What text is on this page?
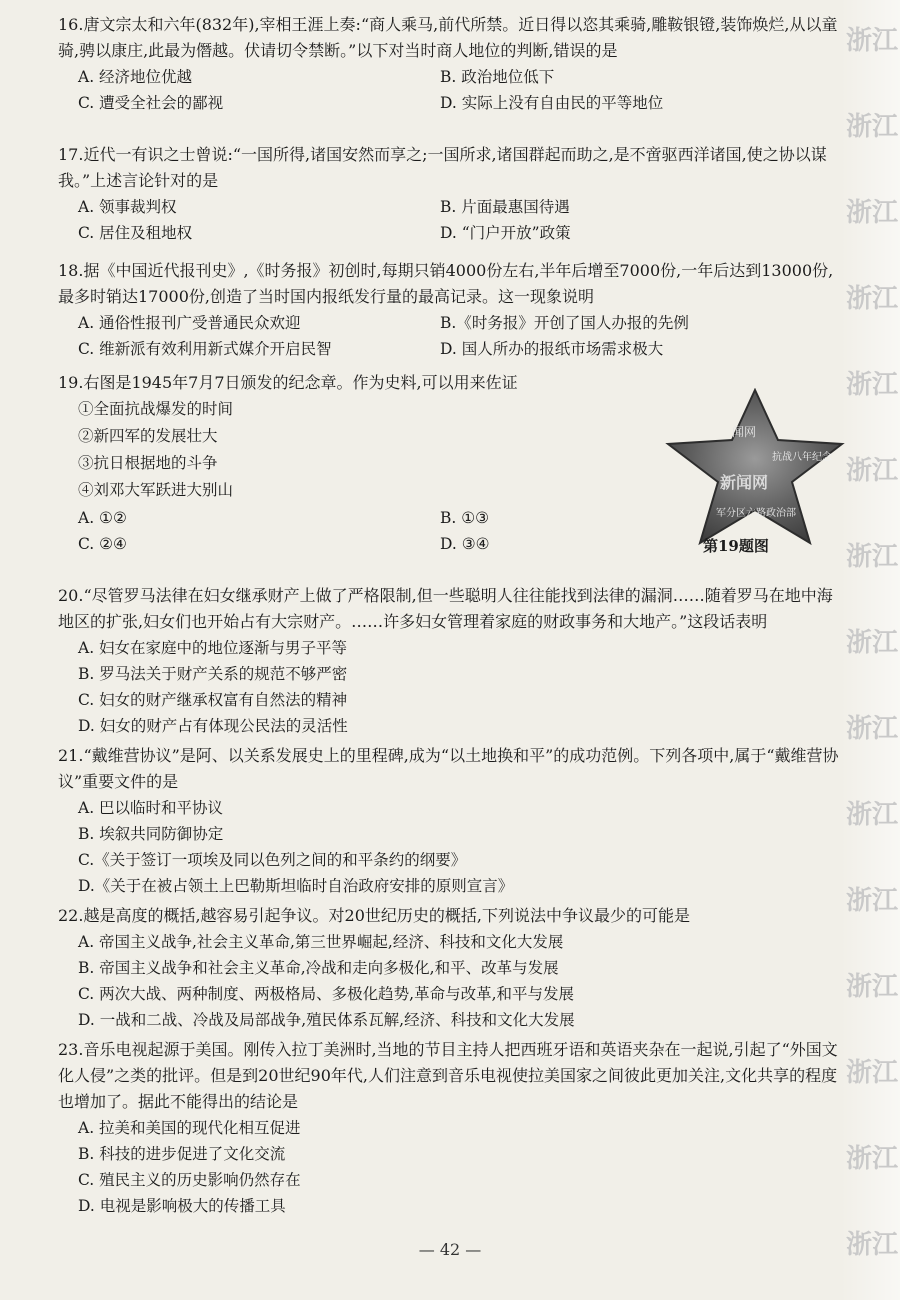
16.唐文宗太和六年(832年),宰相王涯上奏:“商人乘马,前代所禁。近日得以恣其乘骑,雕鞍银镫,装饰焕烂,从以童骑,骋以康庄,此最为僭越。伏请切令禁断。”以下对当时商人地位的判断,错误的是

A. 经济地位优越	B. 政治地位低下
C. 遭受全社会的鄙视	D. 实际上没有自由民的平等地位

17.近代一有识之士曾说:“一国所得,诸国安然而享之;一国所求,诸国群起而助之,是不啻驱西洋诸国,使之协以谋我。”上述言论针对的是

A. 领事裁判权	B. 片面最惠国待遇
C. 居住及租地权	D. “门户开放”政策

18.据《中国近代报刊史》,《时务报》初创时,每期只销4000份左右,半年后增至7000份,一年后达到13000份,最多时销达17000份,创造了当时国内报纸发行量的最高记录。这一现象说明

A. 通俗性报刊广受普通民众欢迎	B.《时务报》开创了国人办报的先例
C. 维新派有效利用新式媒介开启民智	D. 国人所办的报纸市场需求极大

19.右图是1945年7月7日颁发的纪念章。作为史料,可以用来佐证

①全面抗战爆发的时间
②新四军的发展壮大
③抗日根据地的斗争
④刘邓大军跃进大别山
A. ①②	B. ①③
C. ②④	D. ③④
闻网
抗战八年纪念
新闻网
军分区六路政治部
第19题图

20.“尽管罗马法律在妇女继承财产上做了严格限制,但一些聪明人往往能找到法律的漏洞……随着罗马在地中海地区的扩张,妇女们也开始占有大宗财产。……许多妇女管理着家庭的财政事务和大地产。”这段话表明

A. 妇女在家庭中的地位逐渐与男子平等
B. 罗马法关于财产关系的规范不够严密
C. 妇女的财产继承权富有自然法的精神
D. 妇女的财产占有体现公民法的灵活性

21.“戴维营协议”是阿、以关系发展史上的里程碑,成为“以土地换和平”的成功范例。下列各项中,属于“戴维营协议”重要文件的是

A. 巴以临时和平协议
B. 埃叙共同防御协定
C.《关于签订一项埃及同以色列之间的和平条约的纲要》
D.《关于在被占领土上巴勒斯坦临时自治政府安排的原则宣言》

22.越是高度的概括,越容易引起争议。对20世纪历史的概括,下列说法中争议最少的可能是

A. 帝国主义战争,社会主义革命,第三世界崛起,经济、科技和文化大发展
B. 帝国主义战争和社会主义革命,冷战和走向多极化,和平、改革与发展
C. 两次大战、两种制度、两极格局、多极化趋势,革命与改革,和平与发展
D. 一战和二战、冷战及局部战争,殖民体系瓦解,经济、科技和文化大发展

23.音乐电视起源于美国。刚传入拉丁美洲时,当地的节目主持人把西班牙语和英语夹杂在一起说,引起了“外国文化人侵”之类的批评。但是到20世纪90年代,人们注意到音乐电视使拉美国家之间彼此更加关注,文化共享的程度也增加了。据此不能得出的结论是

A. 拉美和美国的现代化相互促进
B. 科技的进步促进了文化交流
C. 殖民主义的历史影响仍然存在
D. 电视是影响极大的传播工具
— 42 —
浙江
浙江
浙江
浙江
浙江
浙江
浙江
浙江
浙江
浙江
浙江
浙江
浙江
浙江
浙江
